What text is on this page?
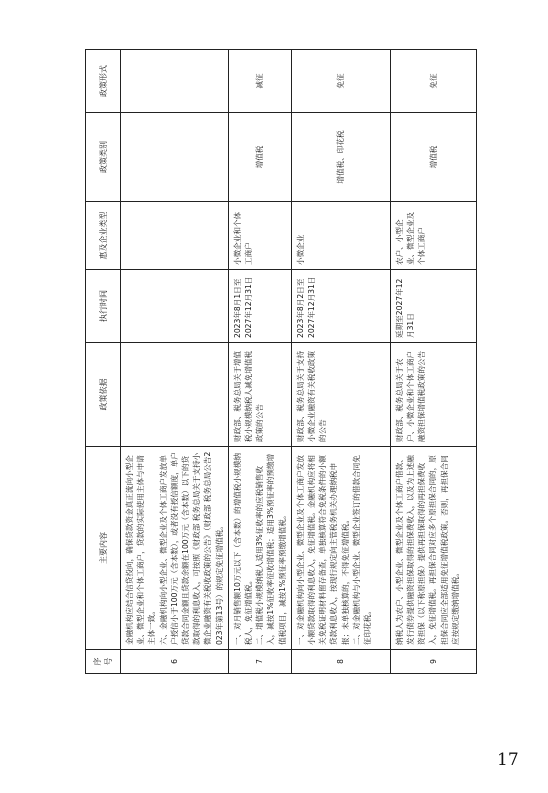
序号	主要内容	政策依据	执行时间	惠及企业类型	政策类别	政策形式
6	金融机构应结合信贷投向，确保贷款资金真正流向小型企业、微型企业和个体工商户，贷款的实际使用主体与申请主体一致。 六、金融机构向小型企业、微型企业及个体工商户发放单户授信小于100万元（含本数），或者没有授信额度，单户贷款合同金额且贷款余额在100万元（含本数）以下的贷款取得的利息收入，可按照《财政部 税务总局关于支持小微企业融资有关税收政策的公告》（财政部 税务总局公告2023年第13号）的规定免征增值税。					

7	一、对月销售额10万元以下（含本数）的增值税小规模纳税人，免征增值税。 二、增值税小规模纳税人适用3%征收率的应税销售收入，减按1%征收率征收增值税；适用3%预征率的预缴增值税项目，减按1%预征率预缴增值税。	财政部、税务总局关于增值税小规模纳税人减免增值税政策的公告	2023年8月1日至2027年12月31日	小微企业和个体工商户	增值税	减征
8	一、对金融机构向小型企业、微型企业及个体工商户发放小额贷款取得的利息收入，免征增值税。金融机构应将相关免税证明材料留存备查，单独核算符合免税条件的小额贷款利息收入，按现行规定向主管税务机关办理纳税申报；未单独核算的，不得免征增值税。 二、对金融机构与小型企业、微型企业签订的借款合同免征印花税。	财政部、税务总局关于支持小微企业融资有关税收政策的公告	2023年8月2日至2027年12月31日	小微企业	增值税、印花税	免征
9	纳税人为农户、小型企业、微型企业及个体工商户借款、发行债券提供融资担保取得的担保费收入，以及为上述融资担保（以下称原担保）提供再担保取得的再担保费收入，免征增值税。再担保合同对应多个原担保合同的，原担保合同应全部适用免征增值税政策。否则，再担保合同应按规定缴纳增值税。	财政部、税务总局关于农户、小微企业和个体工商户融资担保增值税政策的公告	延期至2027年12月31日	农户、小型企业、微型企业及个体工商户	增值税	免征
17
